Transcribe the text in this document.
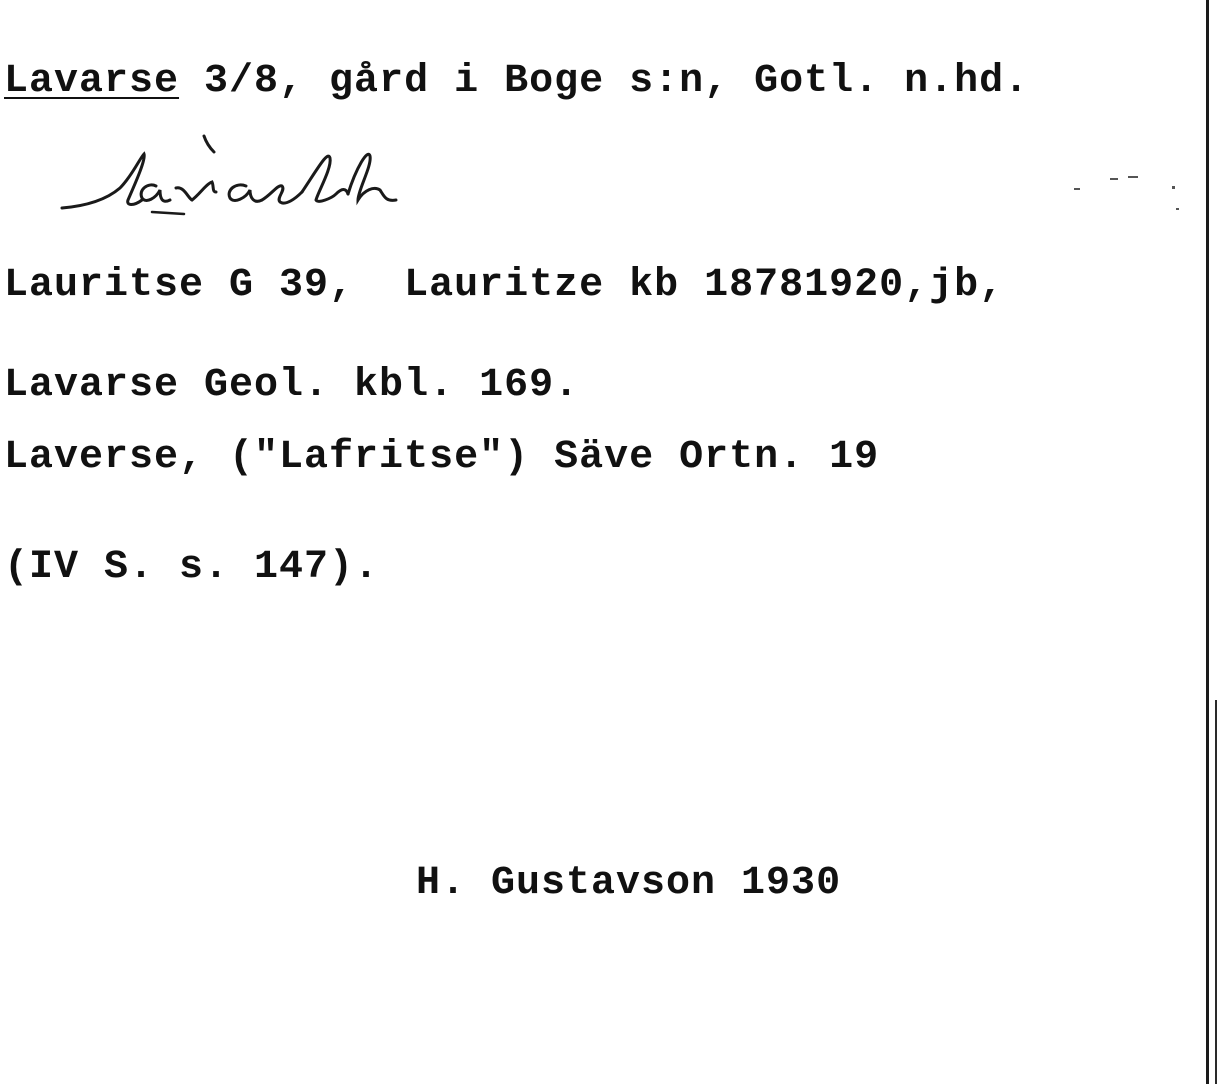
Lavarse 3/8, gård i Boge s:n, Gotl. n.hd.
Lauritse G 39,  Lauritze kb 18781920,jb,
Lavarse Geol. kbl. 169.
Laverse, ("Lafritse") Säve Ortn. 19
(IV S. s. 147).
H. Gustavson 1930
